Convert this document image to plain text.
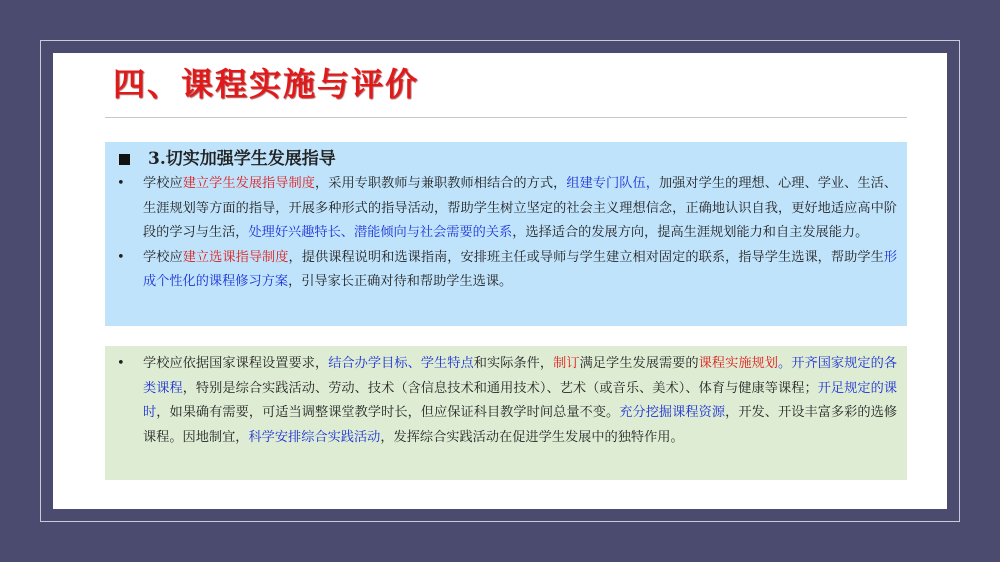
四、课程实施与评价
3.切实加强学生发展指导
• 学校应建立学生发展指导制度，采用专职教师与兼职教师相结合的方式，组建专门队伍，加强对学生的理想、心理、学业、生活、生涯规划等方面的指导，开展多种形式的指导活动，帮助学生树立坚定的社会主义理想信念，正确地认识自我，更好地适应高中阶段的学习与生活，处理好兴趣特长、潜能倾向与社会需要的关系，选择适合的发展方向，提高生涯规划能力和自主发展能力。
• 学校应建立选课指导制度，提供课程说明和选课指南，安排班主任或导师与学生建立相对固定的联系，指导学生选课，帮助学生形成个性化的课程修习方案，引导家长正确对待和帮助学生选课。
• 学校应依据国家课程设置要求，结合办学目标、学生特点和实际条件，制订满足学生发展需要的课程实施规划。开齐国家规定的各类课程，特别是综合实践活动、劳动、技术（含信息技术和通用技术）、艺术（或音乐、美术）、体育与健康等课程；开足规定的课时，如果确有需要，可适当调整课堂教学时长，但应保证科目教学时间总量不变。充分挖掘课程资源，开发、开设丰富多彩的选修课程。因地制宜，科学安排综合实践活动，发挥综合实践活动在促进学生发展中的独特作用。
